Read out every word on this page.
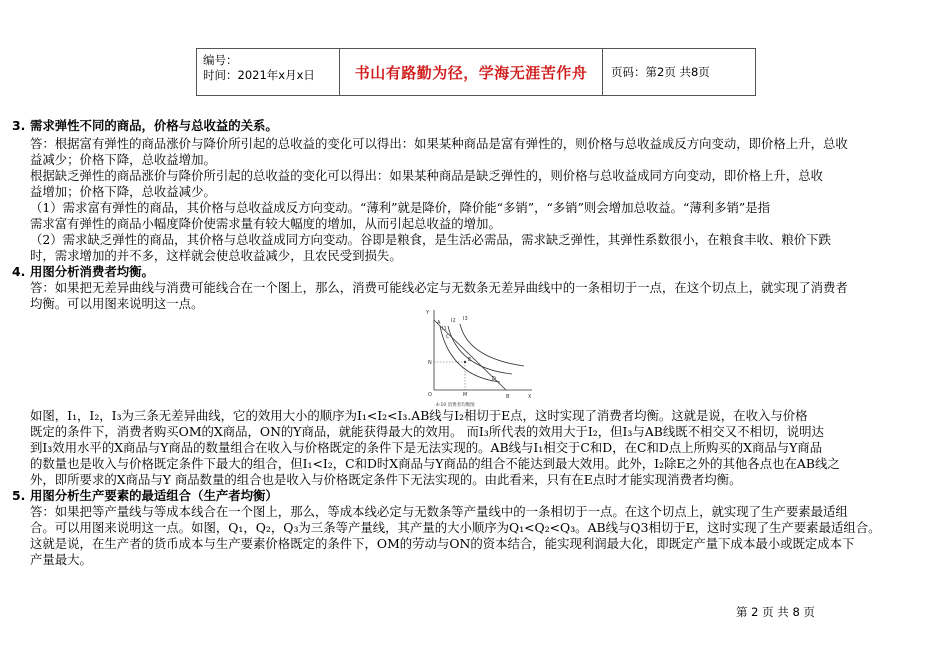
编号：
时间：2021年x月x日	书山有路勤为径，学海无涯苦作舟 页码：第2页 共8页
3. 需求弹性不同的商品，价格与总收益的关系。
答：根据富有弹性的商品涨价与降价所引起的总收益的变化可以得出：如果某种商品是富有弹性的，则价格与总收益成反方向变动，即价格上升，总收
益减少；价格下降，总收益增加。
根据缺乏弹性的商品涨价与降价所引起的总收益的变化可以得出：如果某种商品是缺乏弹性的，则价格与总收益成同方向变动，即价格上升，总收
益增加；价格下降，总收益减少。
（1）需求富有弹性的商品，其价格与总收益成反方向变动。“薄利”就是降价，降价能“多销”，“多销”则会增加总收益。“薄利多销”是指
需求富有弹性的商品小幅度降价使需求量有较大幅度的增加，从而引起总收益的增加。
（2）需求缺乏弹性的商品，其价格与总收益成同方向变动。谷即是粮食，是生活必需品，需求缺乏弹性，其弹性系数很小，在粮食丰收、粮价下跌
时，需求增加的并不多，这样就会使总收益减少，且农民受到损失。
4. 用图分析消费者均衡。
答：如果把无差异曲线与消费可能线合在一个图上，那么，消费可能线必定与无数条无差异曲线中的一条相切于一点，在这个切点上，就实现了消费者
均衡。可以用图来说明这一点。
如图，I₁，I₂，I₃为三条无差异曲线，它的效用大小的顺序为I₁<I₂<I₃.AB线与I₂相切于E点，这时实现了消费者均衡。这就是说，在收入与价格
既定的条件下，消费者购买OM的X商品，ON的Y商品，就能获得最大的效用。 而I₃所代表的效用大于I₂，但I₃与AB线既不相交又不相切，说明达
到I₃效用水平的X商品与Y商品的数量组合在收入与价格既定的条件下是无法实现的。AB线与I₁相交于C和D，在C和D点上所购买的X商品与Y商品
的数量也是收入与价格既定条件下最大的组合，但I₁<I₂，C和D时X商品与Y商品的组合不能达到最大效用。此外，I₂除E之外的其他各点也在AB线之
外，即所要求的X商品与Y 商品数量的组合也是收入与价格既定条件下无法实现的。由此看来，只有在E点时才能实现消费者均衡。
5. 用图分析生产要素的最适组合（生产者均衡）
答：如果把等产量线与等成本线合在一个图上，那么，等成本线必定与无数条等产量线中的一条相切于一点。在这个切点上，就实现了生产要素最适组
合。可以用图来说明这一点。如图，Q₁，Q₂，Q₃为三条等产量线，其产量的大小顺序为Q₁<Q₂<Q₃。AB线与Q3相切于E，这时实现了生产要素最适组合。
这就是说，在生产者的货币成本与生产要素价格既定的条件下，OM的劳动与ON的资本结合，能实现利润最大化，即既定产量下成本最小或既定成本下
产量最大。
Y
X
O
A
B
I1
I2 I3
E
C
D
N
M
4-10 消费者均衡图
第 2 页 共 8 页
